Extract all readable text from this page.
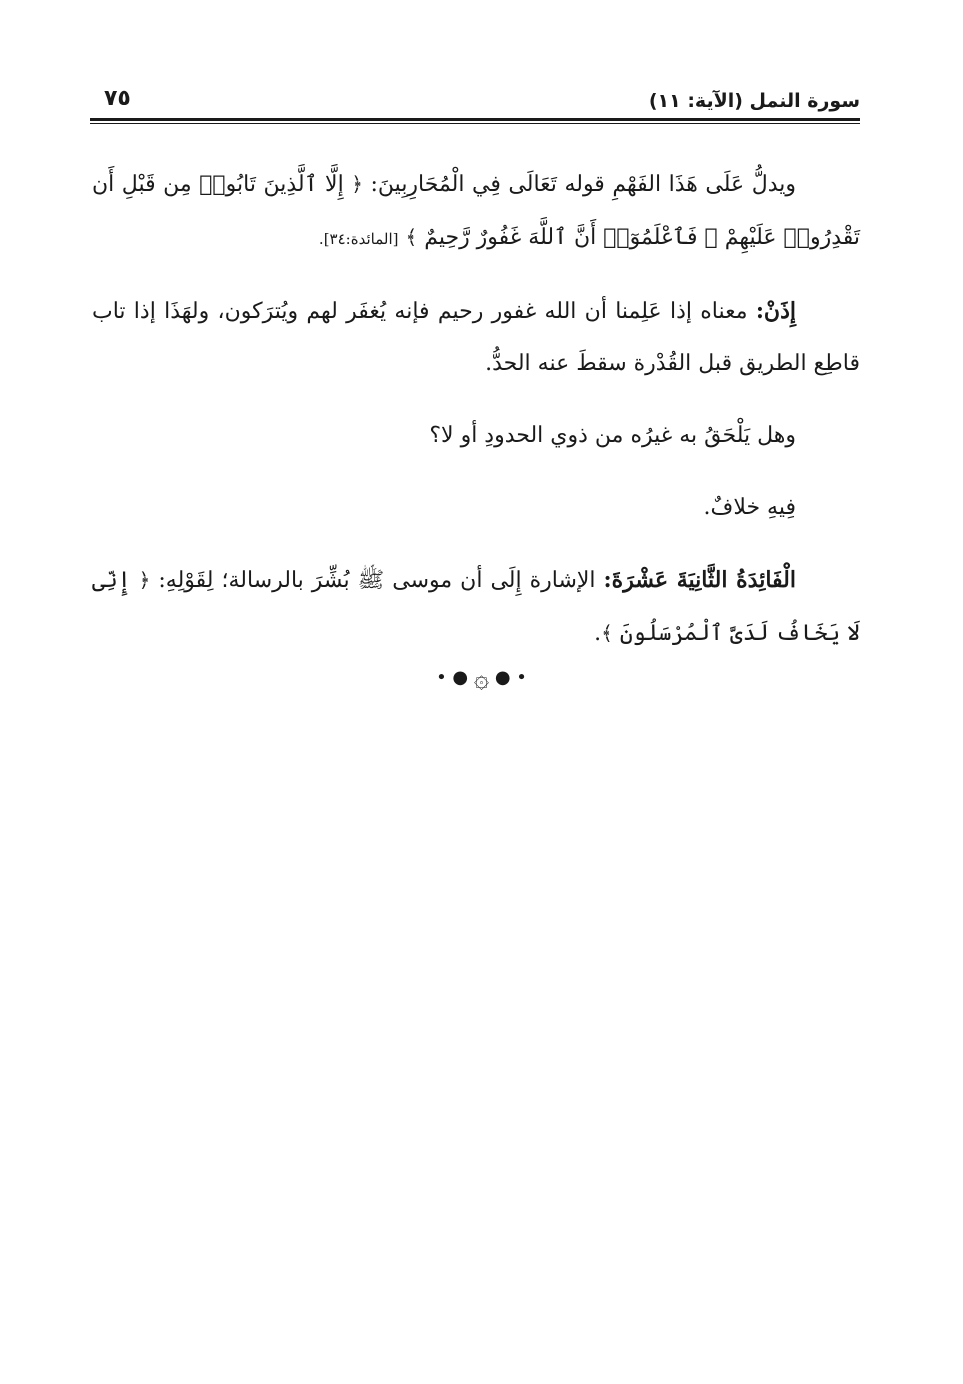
سورة النمل (الآية: ١١)
٧٥

ويدلُّ عَلَى هَذَا الفَهْمِ قوله تَعَالَى فِي الْمُحَارِبِينَ: ﴿ إِلَّا ٱلَّذِينَ تَابُوا۟ مِن قَبْلِ أَن تَقْدِرُوا۟ عَلَيْهِمْ ۖ فَٱعْلَمُوٓا۟ أَنَّ ٱللَّهَ غَفُورٌ رَّحِيمٌ ﴾ [المائدة:٣٤].

إِذَنْ: معناه إذا عَلِمنا أن الله غفور رحيم فإنه يُغفَر لهم ويُترَكون، ولهَذَا إذا تاب قاطِع الطريق قبل القُدْرة سقطَ عنه الحدُّ.

وهل يَلْحَقُ به غيرُه من ذوي الحدودِ أو لا؟

فِيهِ خلافٌ.

الْفَائِدَةُ الثَّانِيَةَ عَشْرَةَ: الإشارة إِلَى أن موسى ﷺ بُشِّرَ بالرسالة؛ لِقَوْلِهِ: ﴿ إِنِّى لَا يَخَافُ لَدَىَّ ٱلْمُرْسَلُونَ ﴾.

• ● ۞ ● •
